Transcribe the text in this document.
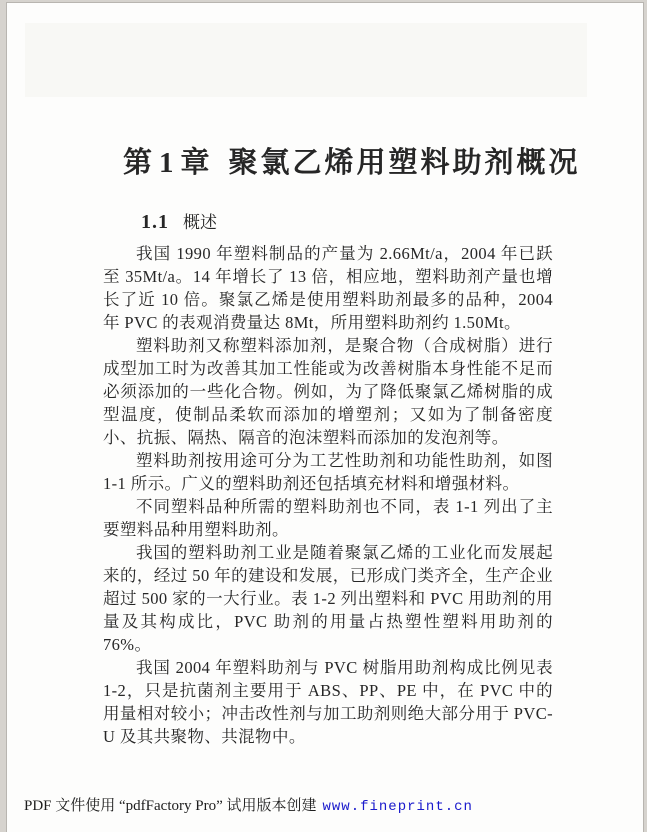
第 1 章 聚氯乙烯用塑料助剂概况
1.1 概述

我国 1990 年塑料制品的产量为 2.66Mt/a，2004 年已跃至 35Mt/a。14 年增长了 13 倍，相应地，塑料助剂产量也增长了近 10 倍。聚氯乙烯是使用塑料助剂最多的品种，2004 年 PVC 的表观消费量达 8Mt，所用塑料助剂约 1.50Mt。

塑料助剂又称塑料添加剂，是聚合物（合成树脂）进行成型加工时为改善其加工性能或为改善树脂本身性能不足而必须添加的一些化合物。例如，为了降低聚氯乙烯树脂的成型温度，使制品柔软而添加的增塑剂；又如为了制备密度小、抗振、隔热、隔音的泡沫塑料而添加的发泡剂等。

塑料助剂按用途可分为工艺性助剂和功能性助剂，如图 1-1 所示。广义的塑料助剂还包括填充材料和增强材料。

不同塑料品种所需的塑料助剂也不同，表 1-1 列出了主要塑料品种用塑料助剂。

我国的塑料助剂工业是随着聚氯乙烯的工业化而发展起来的，经过 50 年的建设和发展，已形成门类齐全，生产企业超过 500 家的一大行业。表 1-2 列出塑料和 PVC 用助剂的用量及其构成比，PVC 助剂的用量占热塑性塑料用助剂的 76%。

我国 2004 年塑料助剂与 PVC 树脂用助剂构成比例见表 1-2，只是抗菌剂主要用于 ABS、PP、PE 中，在 PVC 中的用量相对较小；冲击改性剂与加工助剂则绝大部分用于 PVC-U 及其共聚物、共混物中。

PDF 文件使用 “pdfFactory Pro” 试用版本创建 www.fineprint.cn
